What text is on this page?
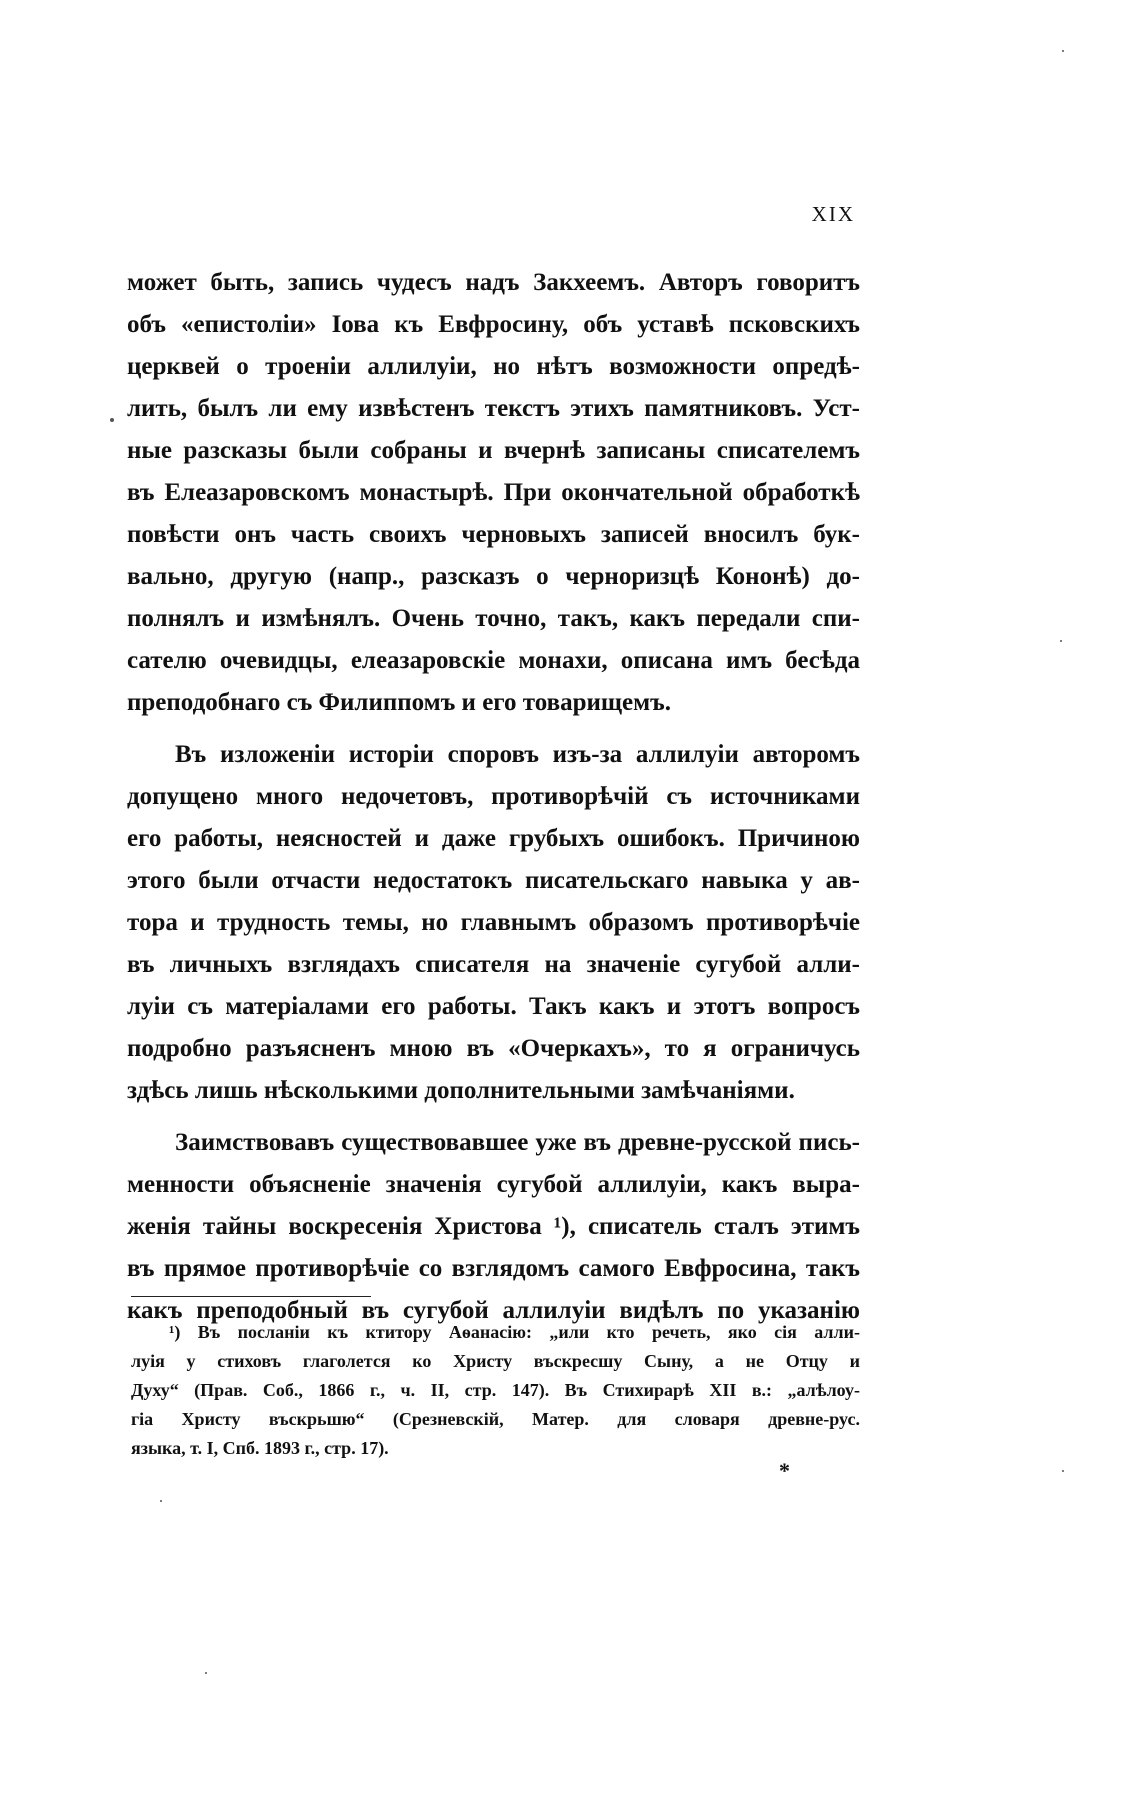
XIX
может быть, запись чудесъ надъ Закхеемъ. Авторъ говоритъ
объ «епистоліи» Іова къ Евфросину, объ уставѣ псковскихъ
церквей о троеніи аллилуіи, но нѣтъ возможности опредѣ-
лить, былъ ли ему извѣстенъ текстъ этихъ памятниковъ. Уст-
ные разсказы были собраны и вчернѣ записаны списателемъ
въ Елеазаровскомъ монастырѣ. При окончательной обработкѣ
повѣсти онъ часть своихъ черновыхъ записей вносилъ бук-
вально, другую (напр., разсказъ о черноризцѣ Кононѣ) до-
полнялъ и измѣнялъ. Очень точно, такъ, какъ передали спи-
сателю очевидцы, елеазаровскіе монахи, описана имъ бесѣда
преподобнаго съ Филиппомъ и его товарищемъ.
Въ изложеніи исторіи споровъ изъ-за аллилуіи авторомъ
допущено много недочетовъ, противорѣчій съ источниками
его работы, неясностей и даже грубыхъ ошибокъ. Причиною
этого были отчасти недостатокъ писательскаго навыка у ав-
тора и трудность темы, но главнымъ образомъ противорѣчіе
въ личныхъ взглядахъ списателя на значеніе сугубой алли-
луіи съ матеріалами его работы. Такъ какъ и этотъ вопросъ
подробно разъясненъ мною въ «Очеркахъ», то я ограничусь
здѣсь лишь нѣсколькими дополнительными замѣчаніями.
Заимствовавъ существовавшее уже въ древне-русской пись-
менности объясненіе значенія сугубой аллилуіи, какъ выра-
женія тайны воскресенія Христова ¹), списатель сталъ этимъ
въ прямое противорѣчіе со взглядомъ самого Евфросина, такъ
какъ преподобный въ сугубой аллилуіи видѣлъ по указанію
¹) Въ посланіи къ ктитору Аѳанасію: „или кто речеть, яко сія алли-
луія у стиховъ глаголется ко Христу въскресшу Сыну, а не Отцу и
Духу“ (Прав. Соб., 1866 г., ч. II, стр. 147). Въ Стихирарѣ XII в.: „алѣлоу-
гіа Христу въскрьшю“ (Срезневскій, Матер. для словаря древне-рус.
языка, т. I, Спб. 1893 г., стр. 17).
*
